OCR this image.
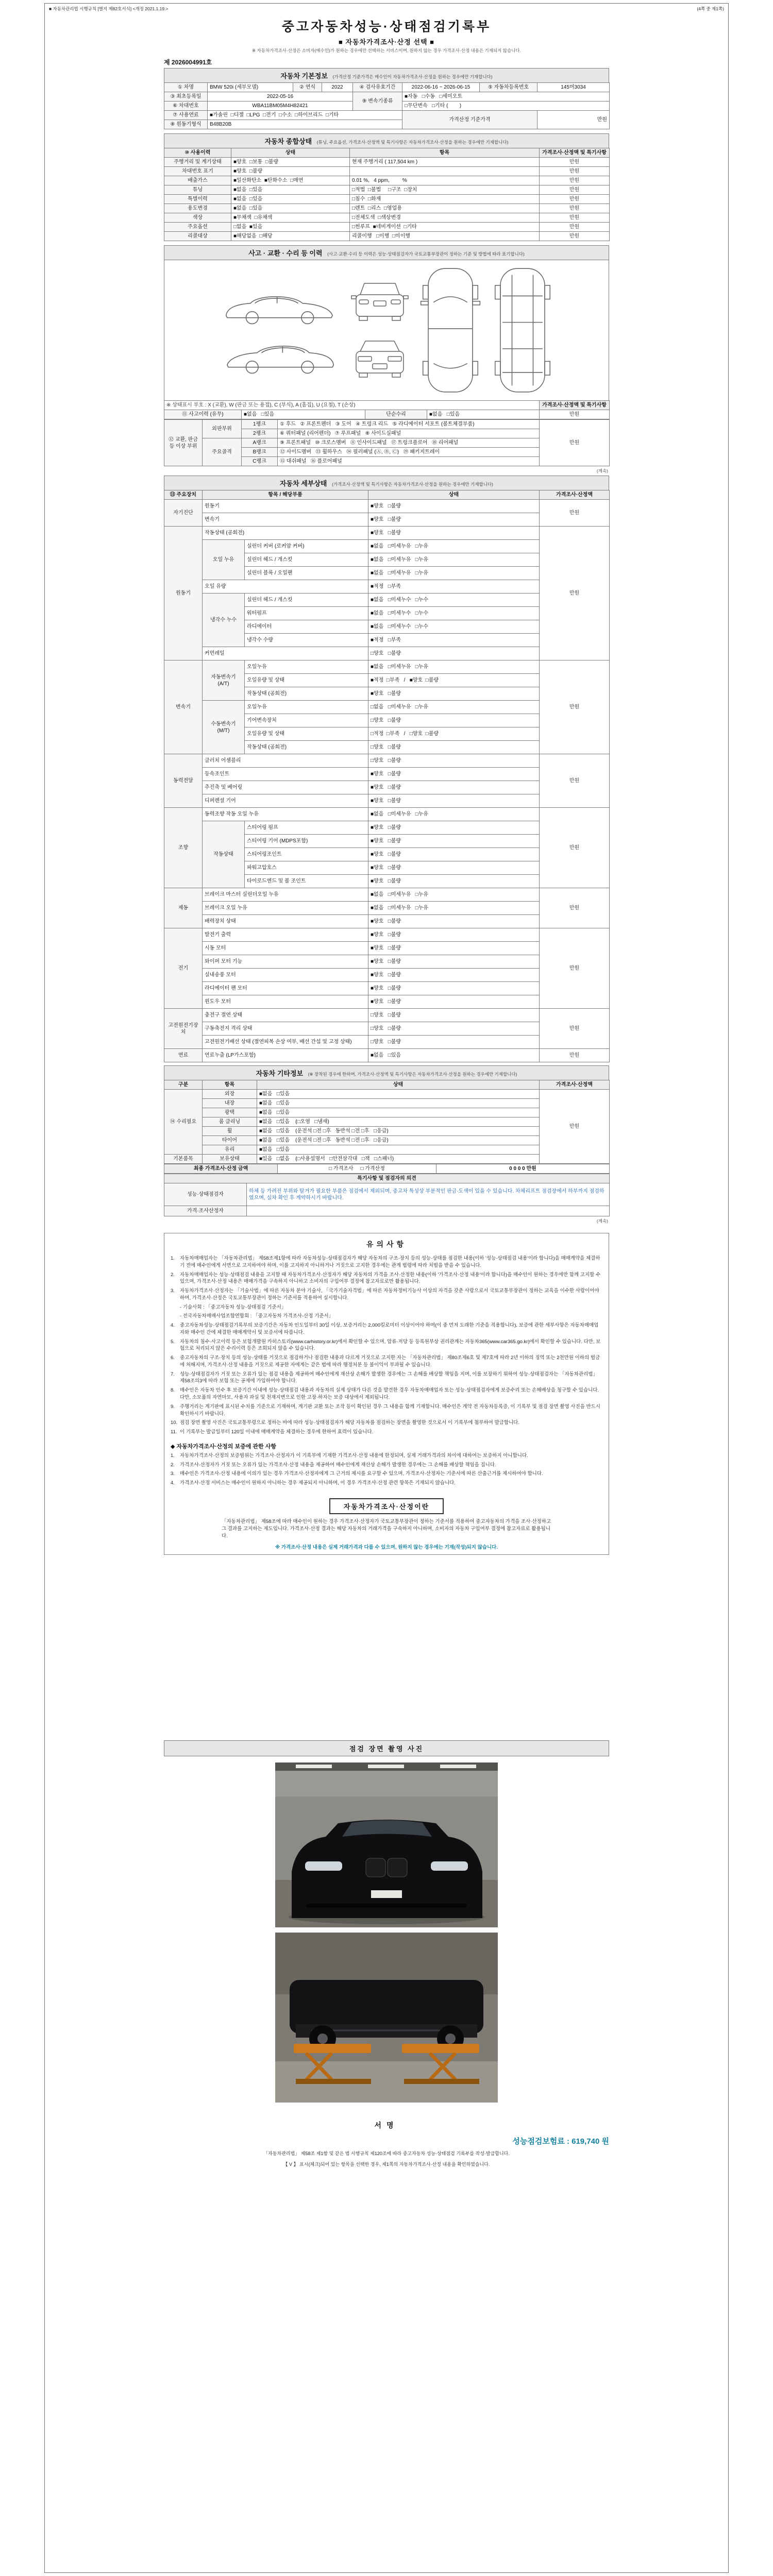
■ 자동차관리법 시행규칙 [별지 제82호서식] <개정 2021.1.19.>	(4쪽 중 제1쪽)
중고자동차성능·상태점검기록부
■ 자동차가격조사·산정 선택 ■
※ 자동차가격조사·산정은 소비자(매수인)가 원하는 경우에만 선택하는 서비스이며, 원하지 않는 경우 가격조사·산정 내용은 기재되지 않습니다.
제 2026004991호
자동차 기본정보 (가격산정 기준가격은 매수인이 자동차가격조사·산정을 원하는 경우에만 기재합니다)
① 차명	BMW 520i (세부모델)	② 연식	2022	④ 검사유효기간	2022-06-16 ~ 2026-06-15	⑤ 자동차등록번호	145머3034
③ 최초등록일	2022-05-16			⑨ 변속기종류	■자동   □수동   □세미오토		
⑥ 차대번호	WBA11BM05M4H82421				□무단변속   □기타 (        )		
⑦ 사용연료	■가솔린  □디젤  □LPG  □전기  □수소  □하이브리드  □기타				가격산정 기준가격		만원
⑧ 원동기형식	B48B20B						
자동차 종합상태 (튜닝, 주요옵션, 가격조사·산정액 및 특기사항은 자동차가격조사·산정을 원하는 경우에만 기재합니다)
⑩ 사용이력	상태	항목	가격조사·산정액 및 특기사항
주행거리 및 계기상태	■양호  □보통  □불량	현재 주행거리 ( 117,504 km )	만원
차대번호 표기	■양호  □불량		만원
배출가스	■일산화탄소  ■탄화수소  □매연	0.01 %,   4 ppm,         %	만원
튜닝	■없음  □있음	□적법  □불법     □구조  □장치	만원
특별이력	■없음  □있음	□침수  □화재	만원
용도변경	■없음  □있음	□렌트  □리스  □영업용	만원
색상	■무채색  □유채색	□전체도색  □색상변경	만원
주요옵션	□없음  ■있음	□썬루프  ■네비게이션  □기타	만원
리콜대상	■해당없음  □해당	리콜이행   □이행  □미이행	만원
사고 · 교환 · 수리 등 이력 (사고·교환·수리 등 이력은 성능·상태점검자가 국토교통부장관이 정하는 기준 및 방법에 따라 표기합니다)
※ 상태표시 부호 : X (교환), W (판금 또는 용접), C (부식), A (흠집), U (요철), T (손상)				가격조사·산정액 및 특기사항
⑪ 사고이력 (유무)	■없음   □있음	단순수리	■없음   □있음	만원
⑫ 교환, 판금 등 이상 부위	외판부위	1랭크	① 후드   ② 프론트펜더   ③ 도어   ④ 트렁크 리드   ⑤ 라디에이터 서포트 (볼트체결부품)	만원
		2랭크	⑥ 쿼터패널 (리어펜더)   ⑦ 루프패널   ⑧ 사이드실패널	
	주요골격	A랭크	⑨ 프론트패널   ⑩ 크로스멤버   ⑪ 인사이드패널   ⑰ 트렁크플로어   ⑱ 리어패널	
		B랭크	⑫ 사이드멤버   ⑬ 휠하우스   ⑭ 필러패널 (Ⓐ, Ⓑ, Ⓒ)   ⑲ 패키지트레이	
		C랭크	⑮ 대쉬패널   ⑯ 플로어패널	
(계속)
자동차 세부상태 (가격조사·산정액 및 특기사항은 자동차가격조사·산정을 원하는 경우에만 기재합니다)
⑬ 주요장치	항목 / 해당부품		상태	가격조사·산정액
자기진단	원동기		■양호   □불량	만원
	변속기		■양호   □불량	
원동기	작동상태 (공회전)		■양호   □불량	만원
	오일 누유	실린더 커버 (로커암 커버)	■없음   □미세누유   □누유	
		실린더 헤드 / 개스킷	■없음   □미세누유   □누유	
		실린더 블록 / 오일팬	■없음   □미세누유   □누유	
	오일 유량		■적정   □부족	
	냉각수 누수	실린더 헤드 / 개스킷	■없음   □미세누수   □누수	
		워터펌프	■없음   □미세누수   □누수	
		라디에이터	■없음   □미세누수   □누수	
		냉각수 수량	■적정   □부족	
	커먼레일		□양호   □불량	
변속기	자동변속기 (A/T)	오일누유	■없음   □미세누유   □누유	만원
		오일유량 및 상태	■적정  □부족   /   ■양호  □불량	
		작동상태 (공회전)	■양호   □불량	
	수동변속기 (M/T)	오일누유	□없음   □미세누유   □누유	
		기어변속장치	□양호   □불량	
		오일유량 및 상태	□적정  □부족   /   □양호  □불량	
		작동상태 (공회전)	□양호   □불량	
동력전달	클러치 어셈블리		□양호   □불량	만원
	등속조인트		■양호   □불량	
	추진축 및 베어링		■양호   □불량	
	디퍼렌셜 기어		■양호   □불량	
조향	동력조향 작동 오일 누유		■없음   □미세누유   □누유	만원
	작동상태	스티어링 펌프	■양호   □불량	
		스티어링 기어 (MDPS포함)	■양호   □불량	
		스티어링조인트	■양호   □불량	
		파워고압호스	■양호   □불량	
		타이로드엔드 및 볼 조인트	■양호   □불량	
제동	브레이크 마스터 실린더오일 누유		■없음   □미세누유   □누유	만원
	브레이크 오일 누유		■없음   □미세누유   □누유	
	배력장치 상태		■양호   □불량	
전기	발전기 출력		■양호   □불량	만원
	시동 모터		■양호   □불량	
	와이퍼 모터 기능		■양호   □불량	
	실내송풍 모터		■양호   □불량	
	라디에이터 팬 모터		■양호   □불량	
	윈도우 모터		■양호   □불량	
고전원전기장치	충전구 절연 상태		□양호   □불량	만원
	구동축전지 격리 상태		□양호   □불량	
	고전원전기배선 상태 (절연피복 손상 여부, 배선 간섭 및 고정 상태)		□양호   □불량	
연료	연료누출 (LP가스포함)		■없음   □있음	만원
자동차 기타정보 (※ 장착된 경우에 한하며, 가격조사·산정액 및 특기사항은 자동차가격조사·산정을 원하는 경우에만 기재합니다)
구분	항목	상태	가격조사·산정액
⑭ 수리필요	외장	■없음   □있음	만원
	내장	■없음   □있음	
	광택	■없음   □있음	
	룸 클리닝	■없음   □있음    (□오염   □냄새)	
	휠	■없음   □있음    (운전석 □전 □후   동반석 □전 □후   □응급)	
	타이어	■없음   □있음    (운전석 □전 □후   동반석 □전 □후   □응급)	
	유리	■없음   □있음	
기본품목	보유상태	■있음   □없음    (□사용설명서   □안전삼각대   □잭   □스패너)	
최종 가격조사·산정 금액	□ 가격조사     □ 가격산정	0 0 0 0 만원
특기사항 및 점검자의 의견	
성능·상태점검자	하체 등 가려진 부위와 탈거가 필요한 부품은 점검에서 제외되며, 중고차 특성상 부분적인 판금·도색이 있을 수 있습니다. 차체리프트 점검장에서 하부까지 점검하였으며, 실차 확인 후 계약하시기 바랍니다.
가격·조사산정자	
(계속)
유의사항
1.	자동차매매업자는 「자동차관리법」 제58조제1항에 따라 자동차성능·상태점검자가 해당 자동차의 구조·장치 등의 성능·상태를 점검한 내용(이하 '성능·상태점검 내용'이라 합니다)을 매매계약을 체결하기 전에 매수인에게 서면으로 고지하여야 하며, 이를 고지하지 아니하거나 거짓으로 고지한 경우에는 관계 법령에 따라 처벌을 받을 수 있습니다.
2.	자동차매매업자는 성능·상태점검 내용을 고지할 때 자동차가격조사·산정자가 해당 자동차의 가격을 조사·산정한 내용(이하 '가격조사·산정 내용'이라 합니다)을 매수인이 원하는 경우에만 함께 고지할 수 있으며, 가격조사·산정 내용은 매매가격을 구속하지 아니하고 소비자의 구입여부 결정에 참고자료로만 활용됩니다.
3.	자동차가격조사·산정자는 「기술사법」에 따른 자동차 분야 기술사, 「국가기술자격법」에 따른 자동차정비기능사 이상의 자격을 갖춘 사람으로서 국토교통부장관이 정하는 교육을 이수한 사람이어야 하며, 가격조사·산정은 국토교통부장관이 정하는 기준서를 적용하여 실시합니다.
- 기술사회 : 「중고자동차 성능·상태점검 기준서」
- 전국자동차매매사업조합연합회 : 「중고자동차 가격조사·산정 기준서」
4.	중고자동차성능·상태점검기록부의 보증기간은 자동차 인도일부터 30일 이상, 보증거리는 2,000킬로미터 이상이어야 하며(이 중 먼저 도래한 기준을 적용합니다), 보증에 관한 세부사항은 자동차매매업자와 매수인 간에 체결한 매매계약서 및 보증서에 따릅니다.
5.	자동차의 침수·사고이력 등은 보험개발원 카히스토리(www.carhistory.or.kr)에서 확인할 수 있으며, 압류·저당 등 등록원부상 권리관계는 자동차365(www.car365.go.kr)에서 확인할 수 있습니다. 다만, 보험으로 처리되지 않은 수리이력 등은 조회되지 않을 수 있습니다.
6.	중고자동차의 구조·장치 등의 성능·상태를 거짓으로 점검하거나 점검한 내용과 다르게 거짓으로 고지한 자는 「자동차관리법」 제80조제6호 및 제7호에 따라 2년 이하의 징역 또는 2천만원 이하의 벌금에 처해지며, 가격조사·산정 내용을 거짓으로 제공한 자에게는 같은 법에 따라 행정처분 등 불이익이 부과될 수 있습니다.
7.	성능·상태점검자가 거짓 또는 오류가 있는 점검 내용을 제공하여 매수인에게 재산상 손해가 발생한 경우에는 그 손해를 배상할 책임을 지며, 이를 보장하기 위하여 성능·상태점검자는 「자동차관리법」 제58조의3에 따라 보험 또는 공제에 가입하여야 합니다.
8.	매수인은 자동차 인수 후 보증기간 이내에 성능·상태점검 내용과 자동차의 실제 상태가 다른 것을 발견한 경우 자동차매매업자 또는 성능·상태점검자에게 보증수리 또는 손해배상을 청구할 수 있습니다. 다만, 소모품의 자연마모, 사용자 과실 및 천재지변으로 인한 고장·하자는 보증 대상에서 제외됩니다.
9.	주행거리는 계기판에 표시된 수치를 기준으로 기재하며, 계기판 교환 또는 조작 등이 확인된 경우 그 내용을 함께 기재합니다. 매수인은 계약 전 자동차등록증, 이 기록부 및 점검 장면 촬영 사진을 반드시 확인하시기 바랍니다.
10. 점검 장면 촬영 사진은 국토교통부령으로 정하는 바에 따라 성능·상태점검자가 해당 자동차를 점검하는 장면을 촬영한 것으로서 이 기록부에 첨부하여 발급합니다.
11. 이 기록부는 발급일부터 120일 이내에 매매계약을 체결하는 경우에 한하여 효력이 있습니다.
◆ 자동차가격조사·산정의 보증에 관한 사항
1.	자동차가격조사·산정의 보증범위는 가격조사·산정자가 이 기록부에 기재한 가격조사·산정 내용에 한정되며, 실제 거래가격과의 차이에 대하여는 보증하지 아니합니다.
2.	가격조사·산정자가 거짓 또는 오류가 있는 가격조사·산정 내용을 제공하여 매수인에게 재산상 손해가 발생한 경우에는 그 손해를 배상할 책임을 집니다.
3.	매수인은 가격조사·산정 내용에 이의가 있는 경우 가격조사·산정자에게 그 근거의 제시를 요구할 수 있으며, 가격조사·산정자는 기준서에 따른 산출근거를 제시하여야 합니다.
4.	가격조사·산정 서비스는 매수인이 원하지 아니하는 경우 제공되지 아니하며, 이 경우 가격조사·산정 관련 항목은 기재되지 않습니다.
자동차가격조사·산정이란
「자동차관리법」 제58조에 따라 매수인이 원하는 경우 가격조사·산정자가 국토교통부장관이 정하는 기준서를 적용하여 중고자동차의 가격을 조사·산정하고 그 결과를 고지하는 제도입니다. 가격조사·산정 결과는 해당 자동차의 거래가격을 구속하지 아니하며, 소비자의 자동차 구입여부 결정에 참고자료로 활용됩니다.
※ 가격조사·산정 내용은 실제 거래가격과 다를 수 있으며, 원하지 않는 경우에는 기재(작성)되지 않습니다.
점검 장면 촬영 사진
서명
성능점검보험료 : 619,740 원
「자동차관리법」 제58조 제1항 및 같은 법 시행규칙 제120조에 따라 중고자동차 성능·상태점검 기록부를 작성·발급합니다.
【 V 】 표시(체크)되어 있는 항목을 선택한 경우, 제1쪽의 자동차가격조사·산정 내용을 확인하였습니다.
